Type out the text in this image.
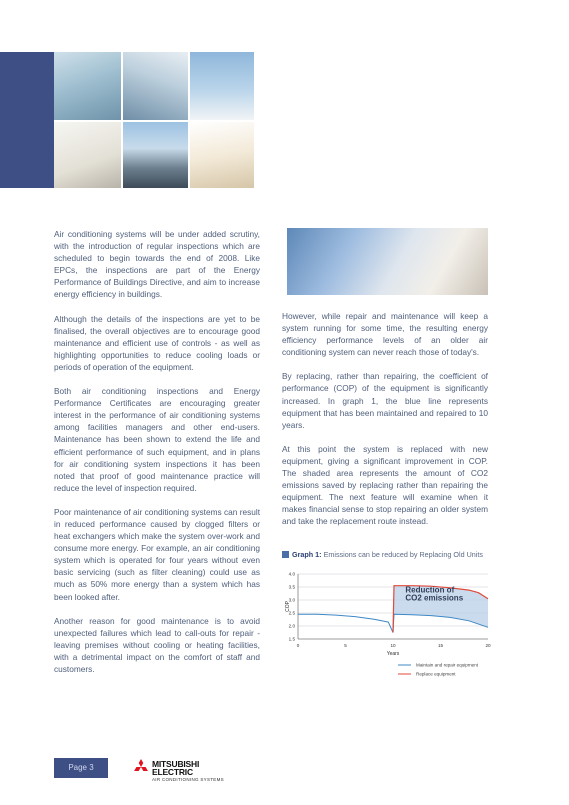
Air conditioning systems will be under added scrutiny, with the introduction of regular inspections which are scheduled to begin towards the end of 2008. Like EPCs, the inspections are part of the Energy Performance of Buildings Directive, and aim to increase energy efficiency in buildings.

Although the details of the inspections are yet to be finalised, the overall objectives are to encourage good maintenance and efficient use of controls - as well as highlighting opportunities to reduce cooling loads or periods of operation of the equipment.

Both air conditioning inspections and Energy Performance Certificates are encouraging greater interest in the performance of air conditioning systems among facilities managers and other end-users. Maintenance has been shown to extend the life and efficient performance of such equipment, and in plans for air conditioning system inspections it has been noted that proof of good maintenance practice will reduce the level of inspection required.

Poor maintenance of air conditioning systems can result in reduced performance caused by clogged filters or heat exchangers which make the system over-work and consume more energy. For example, an air conditioning system which is operated for four years without even basic servicing (such as filter cleaning) could use as much as 50% more energy than a system which has been looked after.

Another reason for good maintenance is to avoid unexpected failures which lead to call-outs for repair - leaving premises without cooling or heating facilities, with a detrimental impact on the comfort of staff and customers.

However, while repair and maintenance will keep a system running for some time, the resulting energy efficiency performance levels of an older air conditioning system can never reach those of today's.

By replacing, rather than repairing, the coefficient of performance (COP) of the equipment is significantly increased. In graph 1, the blue line represents equipment that has been maintained and repaired to 10 years.

At this point the system is replaced with new equipment, giving a significant improvement in COP. The shaded area represents the amount of CO2 emissions saved by replacing rather than repairing the equipment. The next feature will examine when it makes financial sense to stop repairing an older system and take the replacement route instead.

Graph 1: Emissions can be reduced by Replacing Old Units
1.5
2.0
2.5
3.0
3.5
4.0
0	5	10	15	20
COP
Years
Reduction of
CO2 emissions
Maintain and repair equipment
Replace equipment
Page 3	MITSUBISHI
ELECTRIC
AIR CONDITIONING SYSTEMS
